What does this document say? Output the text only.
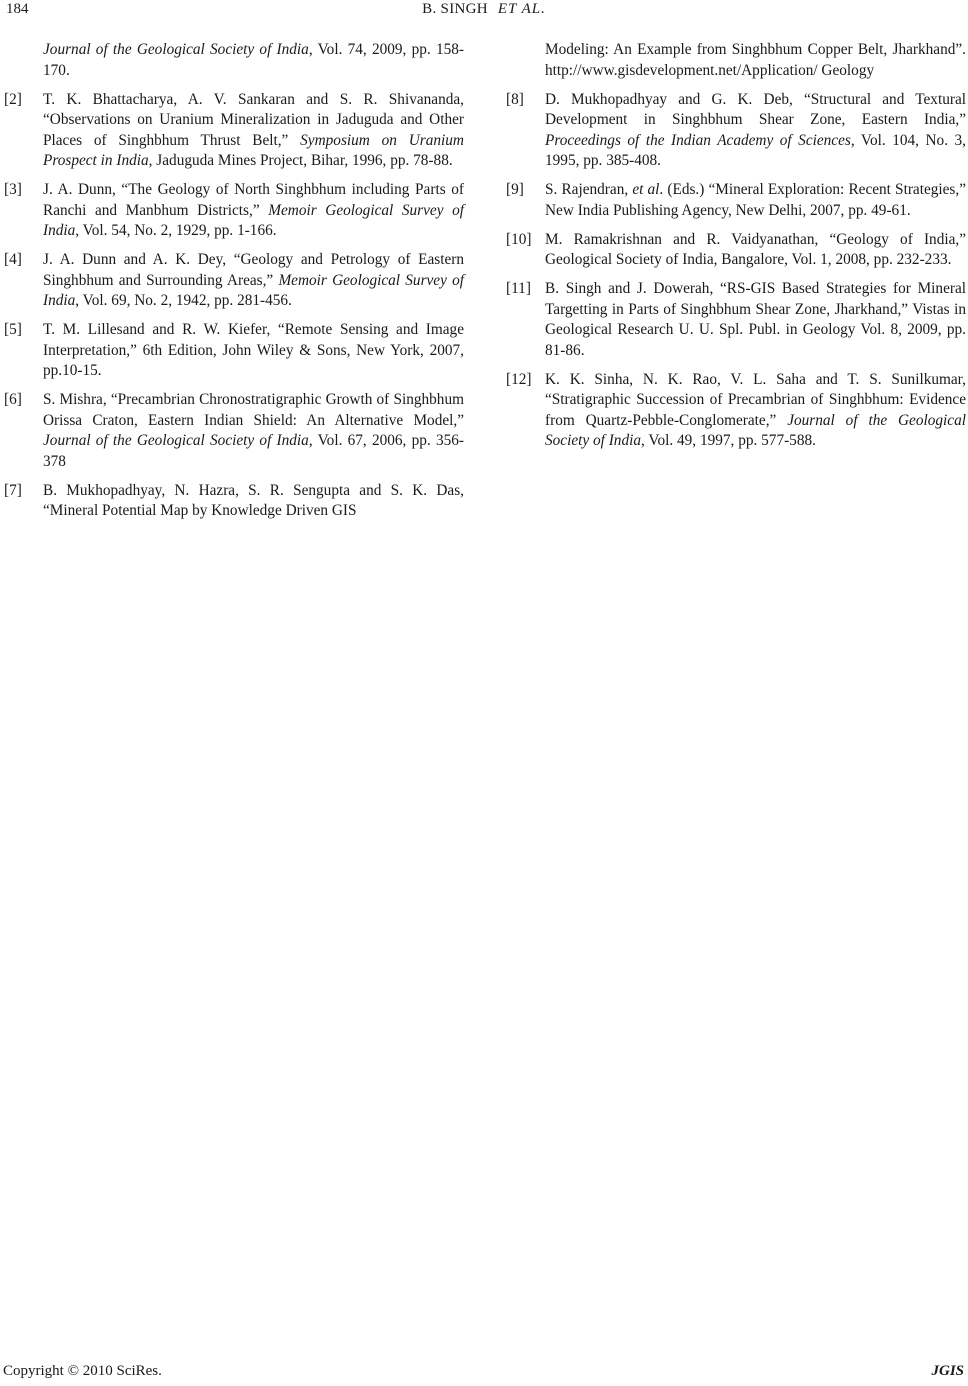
184	B. SINGH ET AL.
Journal of the Geological Society of India, Vol. 74, 2009, pp. 158-170.
[2]	T. K. Bhattacharya, A. V. Sankaran and S. R. Shivananda, “Observations on Uranium Mineralization in Jaduguda and Other Places of Singhbhum Thrust Belt,” Symposium on Uranium Prospect in India, Jaduguda Mines Project, Bihar, 1996, pp. 78-88.
[3]	J. A. Dunn, “The Geology of North Singhbhum including Parts of Ranchi and Manbhum Districts,” Memoir Geological Survey of India, Vol. 54, No. 2, 1929, pp. 1-166.
[4]	J. A. Dunn and A. K. Dey, “Geology and Petrology of Eastern Singhbhum and Surrounding Areas,” Memoir Geological Survey of India, Vol. 69, No. 2, 1942, pp. 281-456.
[5]	T. M. Lillesand and R. W. Kiefer, “Remote Sensing and Image Interpretation,” 6th Edition, John Wiley & Sons, New York, 2007, pp.10-15.
[6]	S. Mishra, “Precambrian Chronostratigraphic Growth of Singhbhum Orissa Craton, Eastern Indian Shield: An Alternative Model,” Journal of the Geological Society of India, Vol. 67, 2006, pp. 356-378
[7]	B. Mukhopadhyay, N. Hazra, S. R. Sengupta and S. K. Das, “Mineral Potential Map by Knowledge Driven GIS
Modeling: An Example from Singhbhum Copper Belt, Jharkhand”. http://www.gisdevelopment.net/Application/ Geology
[8]	D. Mukhopadhyay and G. K. Deb, “Structural and Textural Development in Singhbhum Shear Zone, Eastern India,” Proceedings of the Indian Academy of Sciences, Vol. 104, No. 3, 1995, pp. 385-408.
[9]	S. Rajendran, et al. (Eds.) “Mineral Exploration: Recent Strategies,” New India Publishing Agency, New Delhi, 2007, pp. 49-61.
[10] M. Ramakrishnan and R. Vaidyanathan, “Geology of India,” Geological Society of India, Bangalore, Vol. 1, 2008, pp. 232-233.
[11] B. Singh and J. Dowerah, “RS-GIS Based Strategies for Mineral Targetting in Parts of Singhbhum Shear Zone, Jharkhand,” Vistas in Geological Research U. U. Spl. Publ. in Geology Vol. 8, 2009, pp. 81-86.
[12] K. K. Sinha, N. K. Rao, V. L. Saha and T. S. Sunilkumar, “Stratigraphic Succession of Precambrian of Singhbhum: Evidence from Quartz-Pebble-Conglomerate,” Journal of the Geological Society of India, Vol. 49, 1997, pp. 577-588.
Copyright © 2010 SciRes.	JGIS
